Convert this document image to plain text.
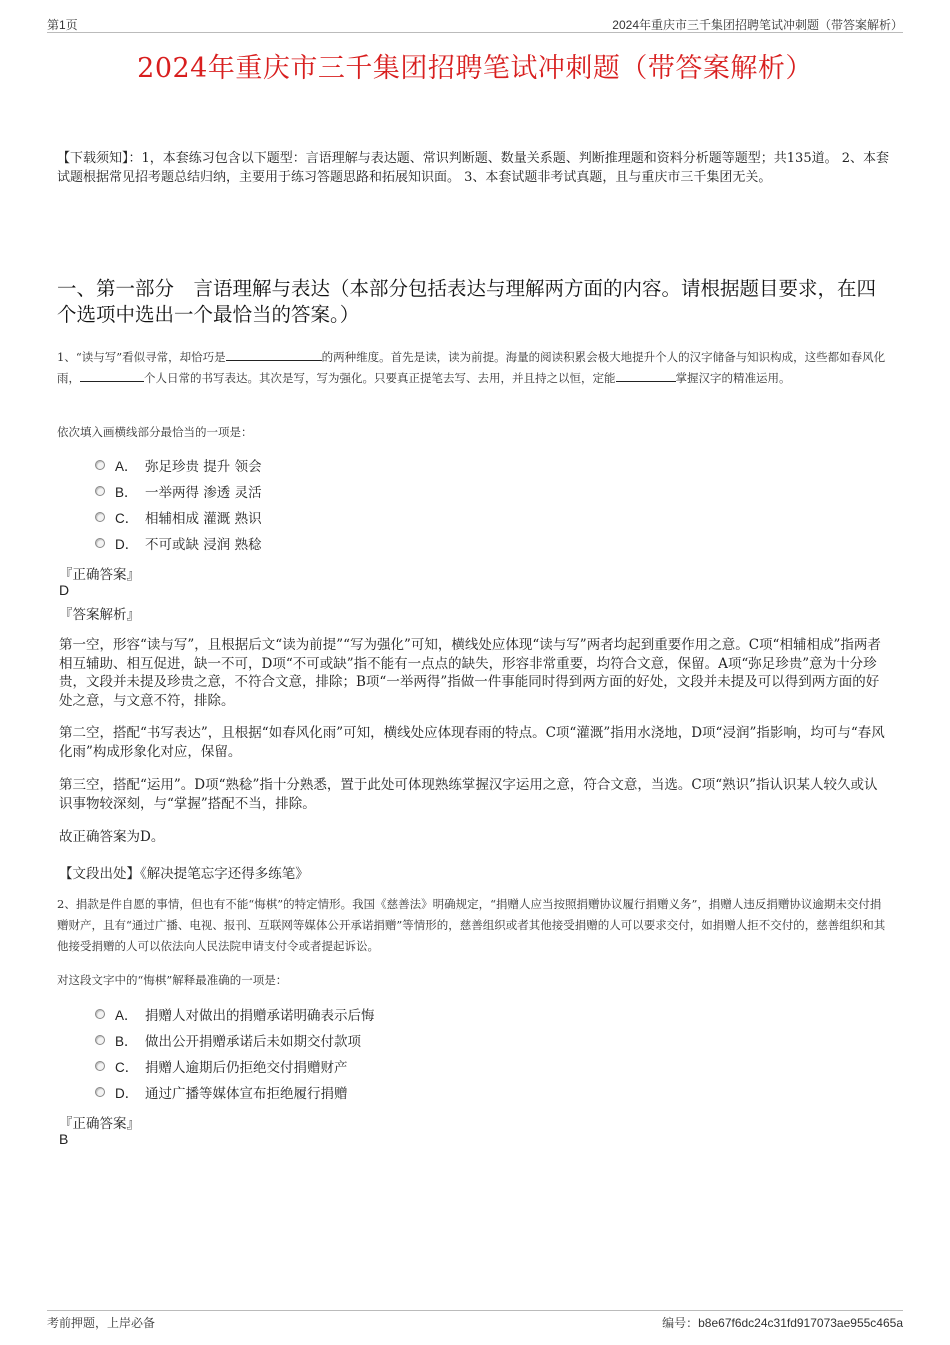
第1页	2024年重庆市三千集团招聘笔试冲刺题（带答案解析）
2024年重庆市三千集团招聘笔试冲刺题（带答案解析）
【下载须知】：1，本套练习包含以下题型：言语理解与表达题、常识判断题、数量关系题、判断推理题和资料分析题等题型；共135道。 2、本套试题根据常见招考题总结归纳，主要用于练习答题思路和拓展知识面。 3、本套试题非考试真题，且与重庆市三千集团无关。
一、第一部分　言语理解与表达（本部分包括表达与理解两方面的内容。请根据题目要求，在四个选项中选出一个最恰当的答案。）
1、“读与写”看似寻常，却恰巧是	的两种维度。首先是读，读为前提。海量的阅读积累会极大地提升个人的汉字储备与知识构成，这些都如春风化雨，	个人日常的书写表达。其次是写，写为强化。只要真正提笔去写、去用，并且持之以恒，定能	掌握汉字的精准运用。
依次填入画横线部分最恰当的一项是：
A． 弥足珍贵 提升 领会
B． 一举两得 渗透 灵活
C． 相辅相成 灌溉 熟识
D． 不可或缺 浸润 熟稔
『正确答案』
D
『答案解析』

第一空，形容“读与写”，且根据后文“读为前提”“写为强化”可知，横线处应体现“读与写”两者均起到重要作用之意。C项“相辅相成”指两者相互辅助、相互促进，缺一不可，D项“不可或缺”指不能有一点点的缺失，形容非常重要，均符合文意，保留。A项“弥足珍贵”意为十分珍贵，文段并未提及珍贵之意，不符合文意，排除；B项“一举两得”指做一件事能同时得到两方面的好处，文段并未提及可以得到两方面的好处之意，与文意不符，排除。

第二空，搭配“书写表达”，且根据“如春风化雨”可知，横线处应体现春雨的特点。C项“灌溉”指用水浇地，D项“浸润”指影响，均可与“春风化雨”构成形象化对应，保留。

第三空，搭配“运用”。D项“熟稔”指十分熟悉，置于此处可体现熟练掌握汉字运用之意，符合文意，当选。C项“熟识”指认识某人较久或认识事物较深刻，与“掌握”搭配不当，排除。

故正确答案为D。

【文段出处】《解决提笔忘字还得多练笔》
2、捐款是件自愿的事情，但也有不能“悔棋”的特定情形。我国《慈善法》明确规定，“捐赠人应当按照捐赠协议履行捐赠义务”，捐赠人违反捐赠协议逾期未交付捐赠财产，且有“通过广播、电视、报刊、互联网等媒体公开承诺捐赠”等情形的，慈善组织或者其他接受捐赠的人可以要求交付，如捐赠人拒不交付的，慈善组织和其他接受捐赠的人可以依法向人民法院申请支付令或者提起诉讼。
对这段文字中的“悔棋”解释最准确的一项是：
A． 捐赠人对做出的捐赠承诺明确表示后悔
B． 做出公开捐赠承诺后未如期交付款项
C． 捐赠人逾期后仍拒绝交付捐赠财产
D． 通过广播等媒体宣布拒绝履行捐赠
『正确答案』
B
考前押题，上岸必备	编号：b8e67f6dc24c31fd917073ae955c465a
